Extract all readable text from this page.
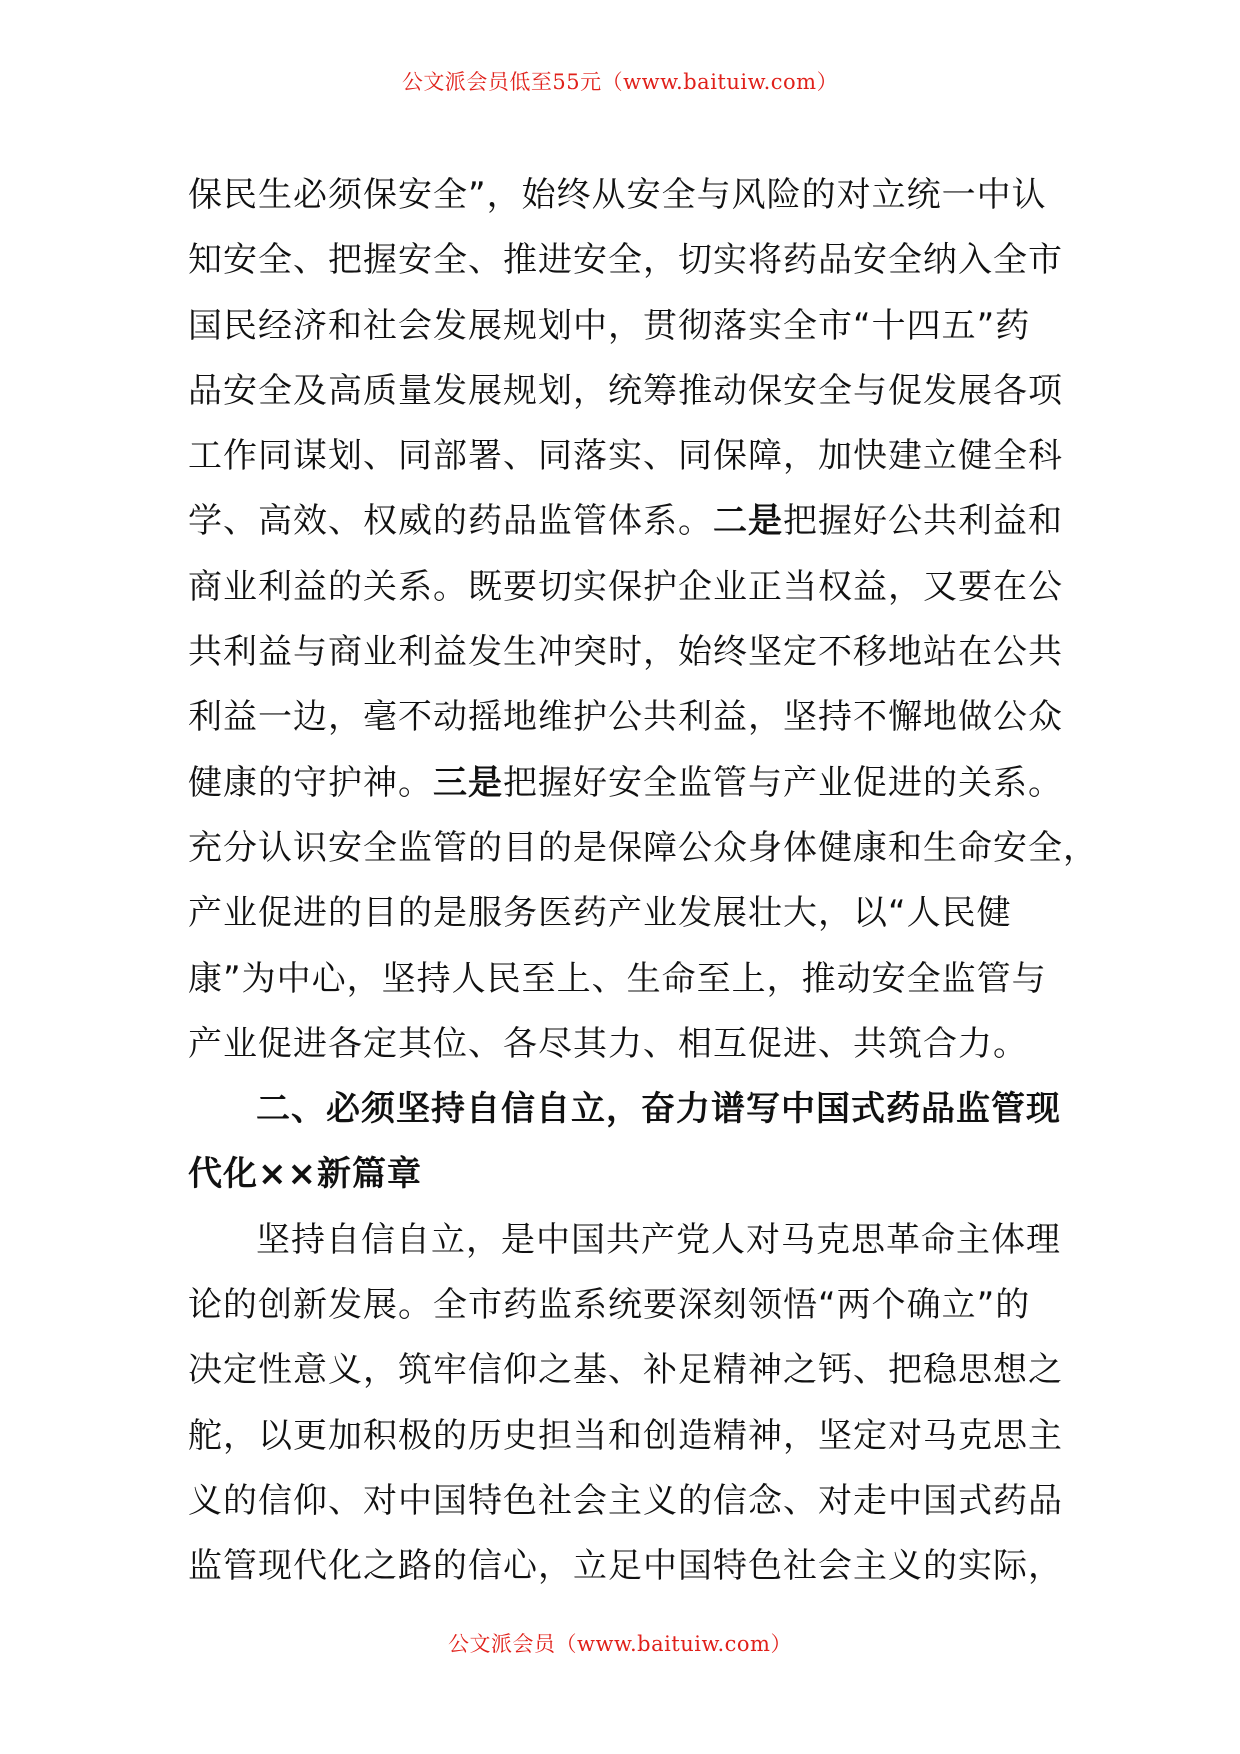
公文派会员低至55元（www.baituiw.com）
保民生必须保安全”，始终从安全与风险的对立统一中认
知安全、把握安全、推进安全，切实将药品安全纳入全市
国民经济和社会发展规划中，贯彻落实全市“十四五”药
品安全及高质量发展规划，统筹推动保安全与促发展各项
工作同谋划、同部署、同落实、同保障，加快建立健全科
学、高效、权威的药品监管体系。二是把握好公共利益和
商业利益的关系。既要切实保护企业正当权益，又要在公
共利益与商业利益发生冲突时，始终坚定不移地站在公共
利益一边，毫不动摇地维护公共利益，坚持不懈地做公众
健康的守护神。三是把握好安全监管与产业促进的关系。
充分认识安全监管的目的是保障公众身体健康和生命安全，
产业促进的目的是服务医药产业发展壮大，以“人民健
康”为中心，坚持人民至上、生命至上，推动安全监管与
产业促进各定其位、各尽其力、相互促进、共筑合力。
二、必须坚持自信自立，奋力谱写中国式药品监管现
代化××新篇章
坚持自信自立，是中国共产党人对马克思革命主体理
论的创新发展。全市药监系统要深刻领悟“两个确立”的
决定性意义，筑牢信仰之基、补足精神之钙、把稳思想之
舵，以更加积极的历史担当和创造精神，坚定对马克思主
义的信仰、对中国特色社会主义的信念、对走中国式药品
监管现代化之路的信心，立足中国特色社会主义的实际，
公文派会员（www.baituiw.com）
